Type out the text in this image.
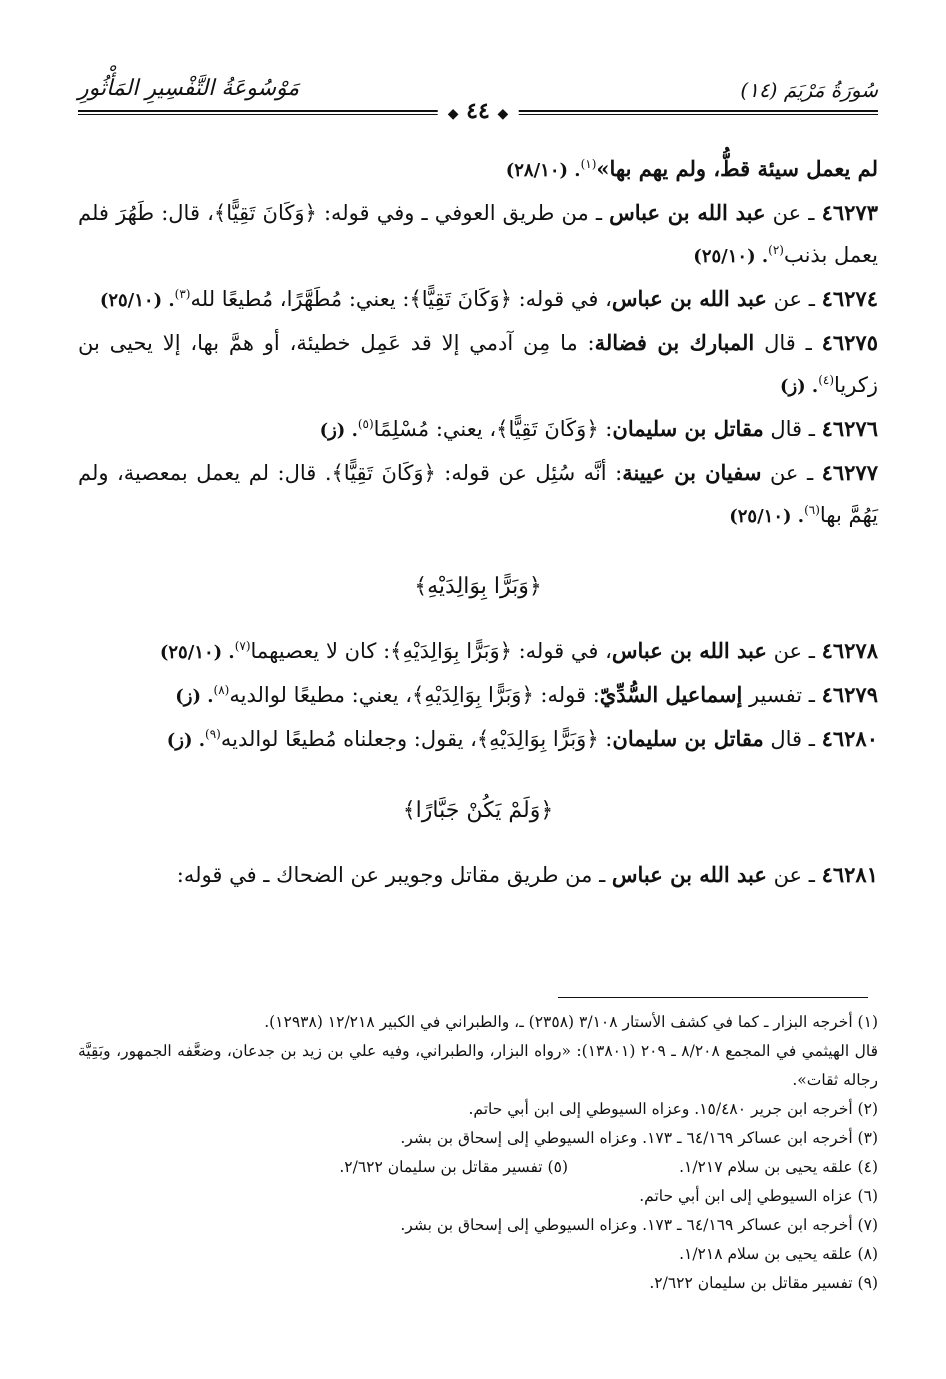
سُورَةُ مَرْيَمَ (١٤)
مَوْسُوعَةُ التَّفْسِيرِ المَأْثُورِ
◆ ٤٤ ◆

لم يعمل سيئة قطُّ، ولم يهم بها»$^{(١)}$. (٢٨/١٠)

٤٦٢٧٣ ـ عن عبد الله بن عباس ـ من طريق العوفي ـ وفي قوله: ﴿وَكَانَ تَقِيًّا﴾، قال: طَهُرَ فلم يعمل بذنب$^{(٢)}$. (٢٥/١٠)

٤٦٢٧٤ ـ عن عبد الله بن عباس، في قوله: ﴿وَكَانَ تَقِيًّا﴾: يعني: مُطَهَّرًا، مُطيعًا لله$^{(٣)}$. (٢٥/١٠)

٤٦٢٧٥ ـ قال المبارك بن فضالة: ما مِن آدمي إلا قد عَمِل خطيئة، أو همَّ بها، إلا يحيى بن زكريا$^{(٤)}$. (ز)

٤٦٢٧٦ ـ قال مقاتل بن سليمان: ﴿وَكَانَ تَقِيًّا﴾، يعني: مُسْلِمًا$^{(٥)}$. (ز)

٤٦٢٧٧ ـ عن سفيان بن عيينة: أنَّه سُئِل عن قوله: ﴿وَكَانَ تَقِيًّا﴾. قال: لم يعمل بمعصية، ولم يَهُمَّ بها$^{(٦)}$. (٢٥/١٠)

﴿وَبَرًّا بِوَالِدَيْهِ﴾

٤٦٢٧٨ ـ عن عبد الله بن عباس، في قوله: ﴿وَبَرًّا بِوَالِدَيْهِ﴾: كان لا يعصيهما$^{(٧)}$. (٢٥/١٠)

٤٦٢٧٩ ـ تفسير إسماعيل السُّدِّيّ: قوله: ﴿وَبَرًّا بِوَالِدَيْهِ﴾، يعني: مطيعًا لوالديه$^{(٨)}$. (ز)

٤٦٢٨٠ ـ قال مقاتل بن سليمان: ﴿وَبَرًّا بِوَالِدَيْهِ﴾، يقول: وجعلناه مُطيعًا لوالديه$^{(٩)}$. (ز)

﴿وَلَمْ يَكُنْ جَبَّارًا﴾

٤٦٢٨١ ـ عن عبد الله بن عباس ـ من طريق مقاتل وجويبر عن الضحاك ـ في قوله:

(١) أخرجه البزار ـ كما في كشف الأستار ٣/١٠٨ (٢٣٥٨) ـ، والطبراني في الكبير ١٢/٢١٨ (١٢٩٣٨).

قال الهيثمي في المجمع ٨/٢٠٨ ـ ٢٠٩ (١٣٨٠١): «رواه البزار، والطبراني، وفيه علي بن زيد بن جدعان، وضعَّفه الجمهور، وبَقِيَّة رجاله ثقات».

(٢) أخرجه ابن جرير ١٥/٤٨٠. وعزاه السيوطي إلى ابن أبي حاتم.

(٣) أخرجه ابن عساكر ٦٤/١٦٩ ـ ١٧٣. وعزاه السيوطي إلى إسحاق بن بشر.

(٤) علقه يحيى بن سلام ١/٢١٧.

(٥) تفسير مقاتل بن سليمان ٢/٦٢٢.

(٦) عزاه السيوطي إلى ابن أبي حاتم.

(٧) أخرجه ابن عساكر ٦٤/١٦٩ ـ ١٧٣. وعزاه السيوطي إلى إسحاق بن بشر.

(٨) علقه يحيى بن سلام ١/٢١٨.

(٩) تفسير مقاتل بن سليمان ٢/٦٢٢.
